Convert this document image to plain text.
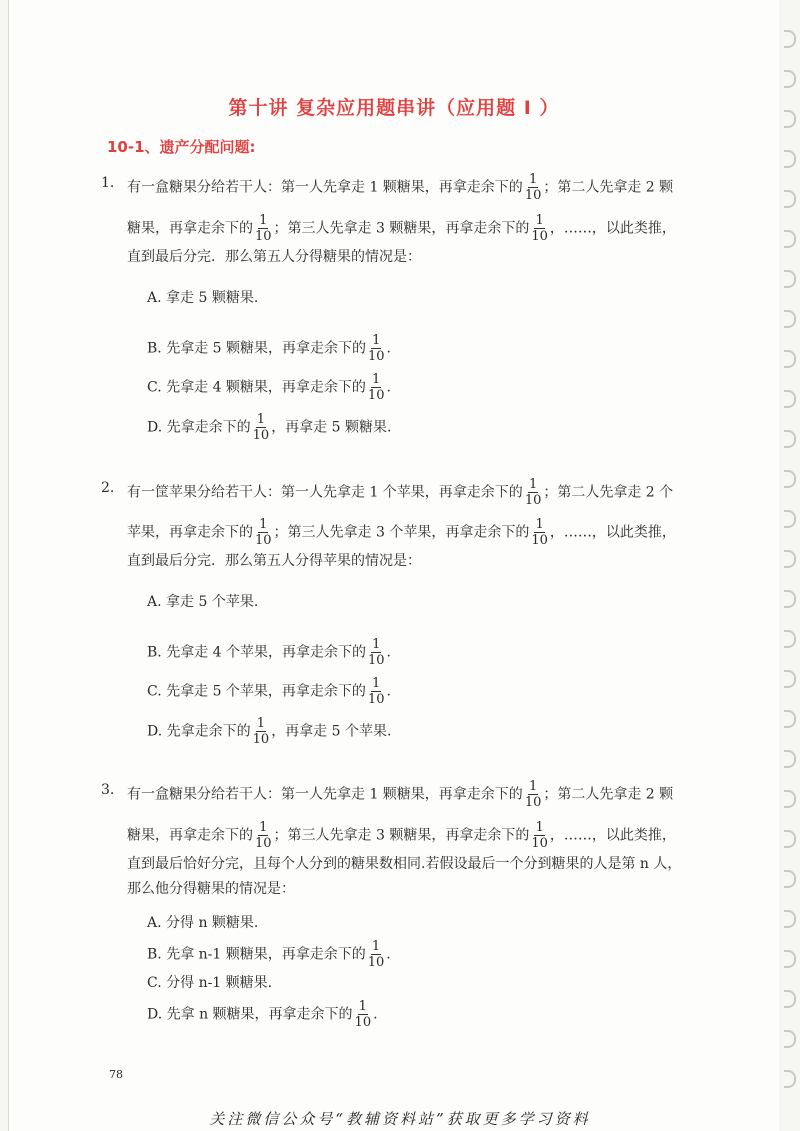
第十讲 复杂应用题串讲（应用题 I ）
10-1、遗产分配问题:
1. 有一盒糖果分给若干人：第一人先拿走 1 颗糖果，再拿走余下的 $\frac{1}{10}$ ；第二人先拿走 2 颗
糖果，再拿走余下的 $\frac{1}{10}$ ；第三人先拿走 3 颗糖果，再拿走余下的 $\frac{1}{10}$ ，……，以此类推，
直到最后分完．那么第五人分得糖果的情况是：
A. 拿走 5 颗糖果.
B. 先拿走 5 颗糖果，再拿走余下的 $\frac{1}{10}$ .
C. 先拿走 4 颗糖果，再拿走余下的 $\frac{1}{10}$ .
D. 先拿走余下的 $\frac{1}{10}$ ，再拿走 5 颗糖果.
2. 有一筐苹果分给若干人：第一人先拿走 1 个苹果，再拿走余下的 $\frac{1}{10}$ ；第二人先拿走 2 个
苹果，再拿走余下的 $\frac{1}{10}$ ；第三人先拿走 3 个苹果，再拿走余下的 $\frac{1}{10}$ ，……，以此类推，
直到最后分完．那么第五人分得苹果的情况是：
A. 拿走 5 个苹果.
B. 先拿走 4 个苹果，再拿走余下的 $\frac{1}{10}$ .
C. 先拿走 5 个苹果，再拿走余下的 $\frac{1}{10}$ .
D. 先拿走余下的 $\frac{1}{10}$ ，再拿走 5 个苹果.
3. 有一盒糖果分给若干人：第一人先拿走 1 颗糖果，再拿走余下的 $\frac{1}{10}$ ；第二人先拿走 2 颗
糖果，再拿走余下的 $\frac{1}{10}$ ；第三人先拿走 3 颗糖果，再拿走余下的 $\frac{1}{10}$ ，……，以此类推，
直到最后恰好分完，且每个人分到的糖果数相同.若假设最后一个分到糖果的人是第 n 人，
那么他分得糖果的情况是：
A. 分得 n 颗糖果.
B. 先拿 n-1 颗糖果，再拿走余下的 $\frac{1}{10}$ .
C. 分得 n-1 颗糖果.
D. 先拿 n 颗糖果，再拿走余下的 $\frac{1}{10}$ .
78
关注微信公众号“教辅资料站”获取更多学习资料
